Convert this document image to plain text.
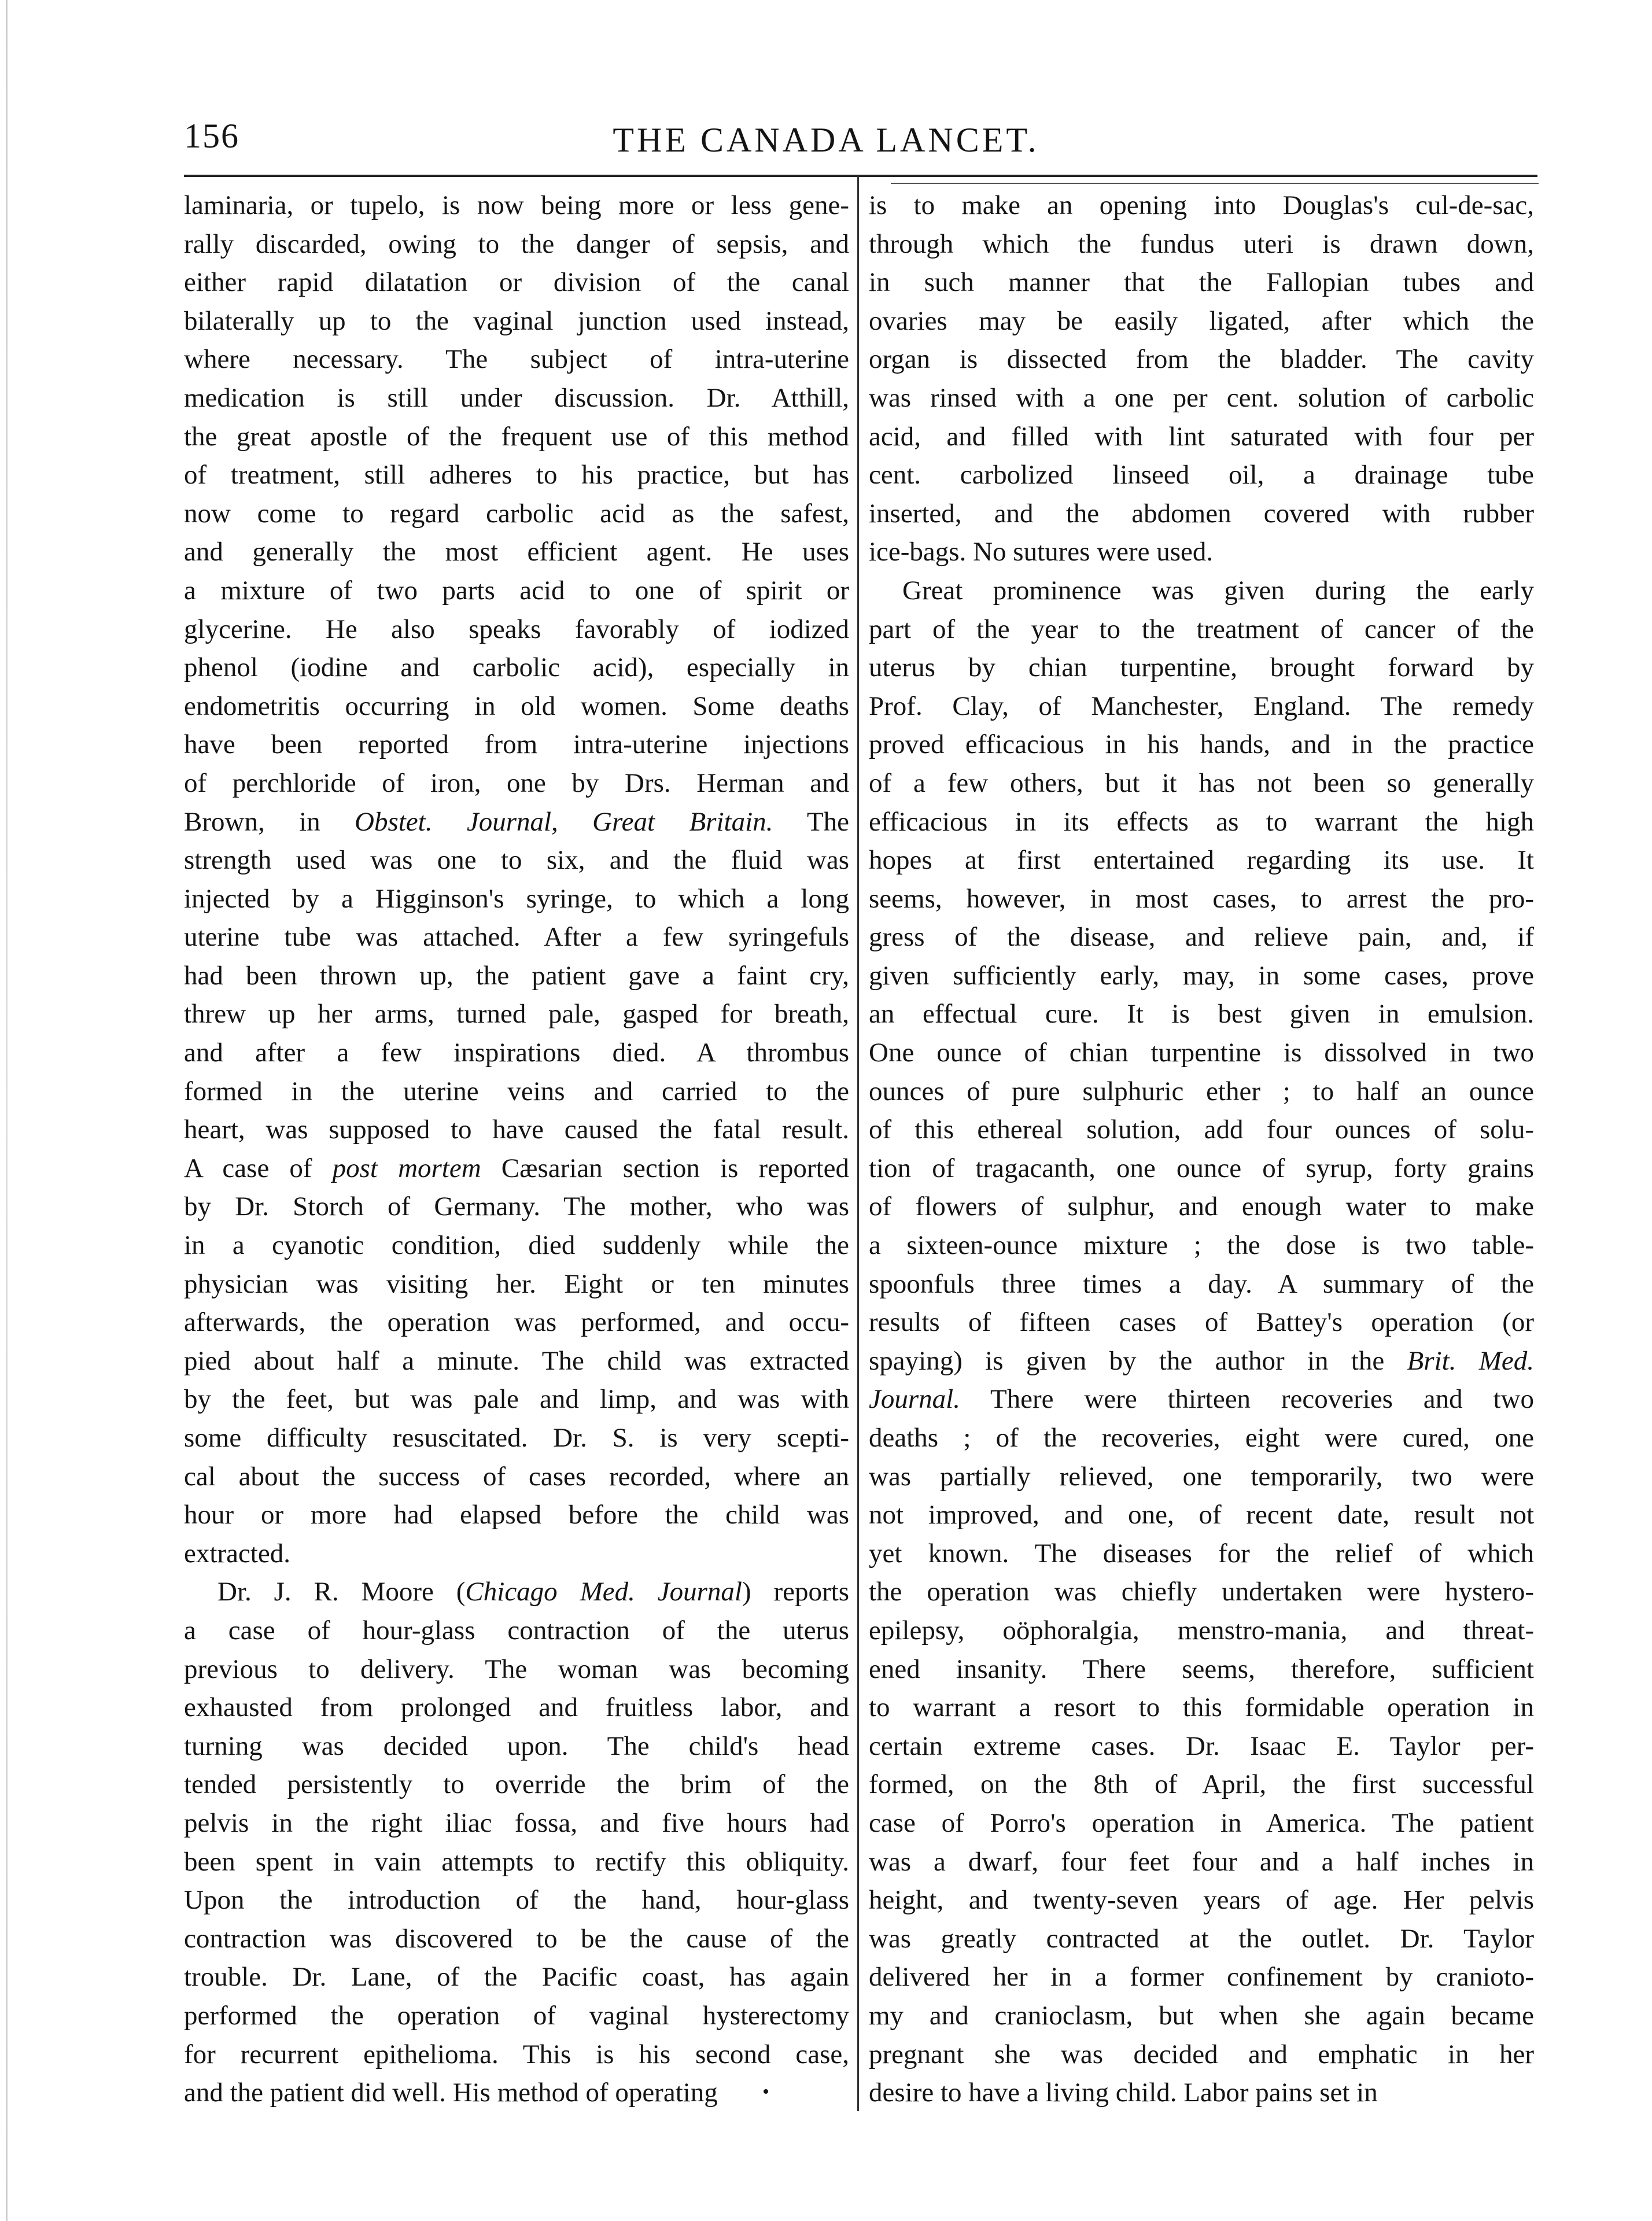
156	THE CANADA LANCET.
laminaria, or tupelo, is now being more or less gene-
rally discarded, owing to the danger of sepsis, and
either rapid dilatation or division of the canal
bilaterally up to the vaginal junction used instead,
where necessary. The subject of intra-uterine
medication is still under discussion. Dr. Atthill,
the great apostle of the frequent use of this method
of treatment, still adheres to his practice, but has
now come to regard carbolic acid as the safest,
and generally the most efficient agent. He uses
a mixture of two parts acid to one of spirit or
glycerine. He also speaks favorably of iodized
phenol (iodine and carbolic acid), especially in
endometritis occurring in old women. Some deaths
have been reported from intra-uterine injections
of perchloride of iron, one by Drs. Herman and
Brown, in Obstet. Journal, Great Britain. The
strength used was one to six, and the fluid was
injected by a Higginson's syringe, to which a long
uterine tube was attached. After a few syringefuls
had been thrown up, the patient gave a faint cry,
threw up her arms, turned pale, gasped for breath,
and after a few inspirations died. A thrombus
formed in the uterine veins and carried to the
heart, was supposed to have caused the fatal result.
A case of post mortem Cæsarian section is reported
by Dr. Storch of Germany. The mother, who was
in a cyanotic condition, died suddenly while the
physician was visiting her. Eight or ten minutes
afterwards, the operation was performed, and occu-
pied about half a minute. The child was extracted
by the feet, but was pale and limp, and was with
some difficulty resuscitated. Dr. S. is very scepti-
cal about the success of cases recorded, where an
hour or more had elapsed before the child was
extracted.
Dr. J. R. Moore (Chicago Med. Journal) reports
a case of hour-glass contraction of the uterus
previous to delivery. The woman was becoming
exhausted from prolonged and fruitless labor, and
turning was decided upon. The child's head
tended persistently to override the brim of the
pelvis in the right iliac fossa, and five hours had
been spent in vain attempts to rectify this obliquity.
Upon the introduction of the hand, hour-glass
contraction was discovered to be the cause of the
trouble. Dr. Lane, of the Pacific coast, has again
performed the operation of vaginal hysterectomy
for recurrent epithelioma. This is his second case,
and the patient did well. His method of operating
is to make an opening into Douglas's cul-de-sac,
through which the fundus uteri is drawn down,
in such manner that the Fallopian tubes and
ovaries may be easily ligated, after which the
organ is dissected from the bladder. The cavity
was rinsed with a one per cent. solution of carbolic
acid, and filled with lint saturated with four per
cent. carbolized linseed oil, a drainage tube
inserted, and the abdomen covered with rubber
ice-bags. No sutures were used.
Great prominence was given during the early
part of the year to the treatment of cancer of the
uterus by chian turpentine, brought forward by
Prof. Clay, of Manchester, England. The remedy
proved efficacious in his hands, and in the practice
of a few others, but it has not been so generally
efficacious in its effects as to warrant the high
hopes at first entertained regarding its use. It
seems, however, in most cases, to arrest the pro-
gress of the disease, and relieve pain, and, if
given sufficiently early, may, in some cases, prove
an effectual cure. It is best given in emulsion.
One ounce of chian turpentine is dissolved in two
ounces of pure sulphuric ether ; to half an ounce
of this ethereal solution, add four ounces of solu-
tion of tragacanth, one ounce of syrup, forty grains
of flowers of sulphur, and enough water to make
a sixteen-ounce mixture ; the dose is two table-
spoonfuls three times a day. A summary of the
results of fifteen cases of Battey's operation (or
spaying) is given by the author in the Brit. Med.
Journal. There were thirteen recoveries and two
deaths ; of the recoveries, eight were cured, one
was partially relieved, one temporarily, two were
not improved, and one, of recent date, result not
yet known. The diseases for the relief of which
the operation was chiefly undertaken were hystero-
epilepsy, oöphoralgia, menstro-mania, and threat-
ened insanity. There seems, therefore, sufficient
to warrant a resort to this formidable operation in
certain extreme cases. Dr. Isaac E. Taylor per-
formed, on the 8th of April, the first successful
case of Porro's operation in America. The patient
was a dwarf, four feet four and a half inches in
height, and twenty-seven years of age. Her pelvis
was greatly contracted at the outlet. Dr. Taylor
delivered her in a former confinement by cranioto-
my and cranioclasm, but when she again became
pregnant she was decided and emphatic in her
desire to have a living child. Labor pains set in
